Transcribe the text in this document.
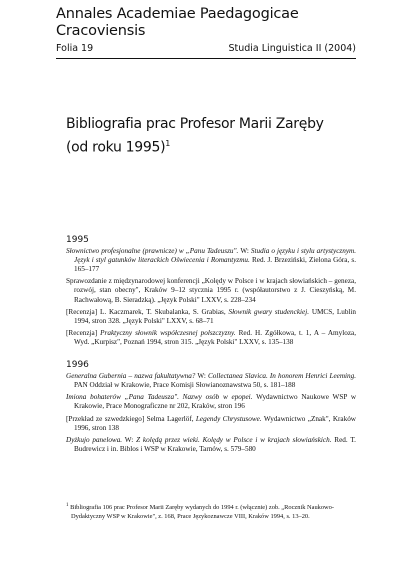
Annales Academiae Paedagogicae Cracoviensis
Folia 19	Studia Linguistica II (2004)
Bibliografia prac Profesor Marii Zaręby
(od roku 1995)$^1$
1995

Słownictwo profesjonalne (prawnicze) w „Panu Tadeuszu". W: Studia o języku i stylu artystycznym. Język i styl gatunków literackich Oświecenia i Romantyzmu. Red. J. Brzeziński, Zielona Góra, s. 165–177

Sprawozdanie z międzynarodowej konferencji „Kolędy w Polsce i w krajach słowiańskich – geneza, rozwój, stan obecny", Kraków 9–12 stycznia 1995 r. (współautorstwo z J. Cieszyńską, M. Rachwałową, B. Sieradzką). „Język Polski" LXXV, s. 228–234

[Recenzja] L. Kaczmarek, T. Skubalanka, S. Grabias, Słownik gwary studenckiej. UMCS, Lublin 1994, stron 328. „Język Polski" LXXV, s. 68–71

[Recenzja] Praktyczny słownik współczesnej polszczyzny. Red. H. Zgółkowa, t. 1, A – Amyloza, Wyd. „Kurpisz", Poznań 1994, stron 315. „Język Polski" LXXV, s. 135–138

1996

Generalna Gubernia – nazwa fakultatywna? W: Collectanea Slavica. In honorem Henrici Leeming. PAN Oddział w Krakowie, Prace Komisji Słowianoznawstwa 50, s. 181–188

Imiona bohaterów „Pana Tadeusza". Nazwy osób w epopei. Wydawnictwo Naukowe WSP w Krakowie, Prace Monograficzne nr 202, Kraków, stron 196

[Przekład ze szwedzkiego] Selma Lagerlöf, Legendy Chrystusowe. Wydawnictwo „Znak", Kraków 1996, stron 138

Dyżkujo panelowa. W: Z kolędą przez wieki. Kolędy w Polsce i w krajach słowiańskich. Red. T. Budrewicz i in. Biblos i WSP w Krakowie, Tarnów, s. 579–580

$^1$ Bibliografia 106 prac Profesor Marii Zaręby wydanych do 1994 r. (włącznie) zob. „Rocznik Naukowo-Dydaktyczny WSP w Krakowie", z. 168, Prace Językoznawcze VIII, Kraków 1994, s. 13–20.
